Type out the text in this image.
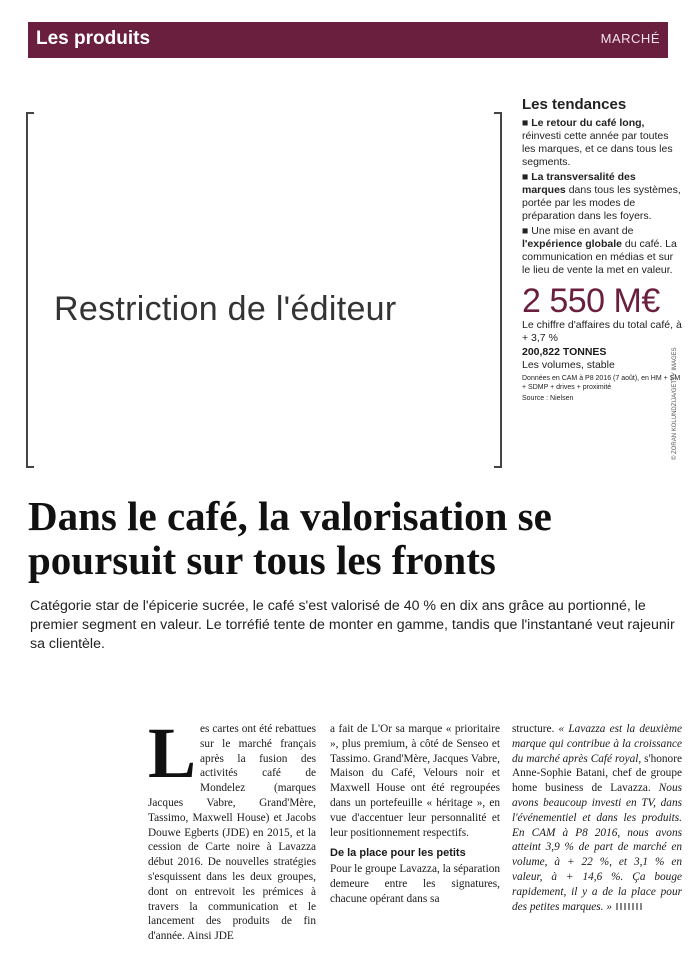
Les produits	MARCHÉ
Restriction de l'éditeur
Les tendances
■ Le retour du café long, réinvesti cette année par toutes les marques, et ce dans tous les segments.
■ La transversalité des marques dans tous les systèmes, portée par les modes de préparation dans les foyers.
■ Une mise en avant de l'expérience globale du café. La communication en médias et sur le lieu de vente la met en valeur.
2 550 M€
Le chiffre d'affaires du total café, à + 3,7 %
200,822 TONNES
Les volumes, stable
Données en CAM à P8 2016 (7 août), en HM + SM + SDMP + drives + proximité
Source : Nielsen	© ZORAN KOLUNDZIJA/GETTY IMAGES
Dans le café, la valorisation se poursuit sur tous les fronts
Catégorie star de l'épicerie sucrée, le café s'est valorisé de 40 % en dix ans grâce au portionné, le premier segment en valeur. Le torréfié tente de monter en gamme, tandis que l'instantané veut rajeunir sa clientèle.
Les cartes ont été rebattues sur le marché français après la fusion des activités café de Mondelez (marques Jacques Vabre, Grand'Mère, Tassimo, Maxwell House) et Jacobs Douwe Egberts (JDE) en 2015, et la cession de Carte noire à Lavazza début 2016. De nouvelles stratégies s'esquissent dans les deux groupes, dont on entrevoit les prémices à travers la communication et le lancement des produits de fin d'année. Ainsi JDE

a fait de L'Or sa marque « prioritaire », plus premium, à côté de Senseo et Tassimo. Grand'Mère, Jacques Vabre, Maison du Café, Velours noir et Maxwell House ont été regroupées dans un portefeuille « héritage », en vue d'accentuer leur personnalité et leur positionnement respectifs.

De la place pour les petits

Pour le groupe Lavazza, la séparation demeure entre les signatures, chacune opérant dans sa

structure. « Lavazza est la deuxième marque qui contribue à la croissance du marché après Café royal, s'honore Anne-Sophie Batani, chef de groupe home business de Lavazza. Nous avons beaucoup investi en TV, dans l'événementiel et dans les produits. En CAM à P8 2016, nous avons atteint 3,9 % de part de marché en volume, à + 22 %, et 3,1 % en valeur, à + 14,6 %. Ça bouge rapidement, il y a de la place pour des petites marques. »
